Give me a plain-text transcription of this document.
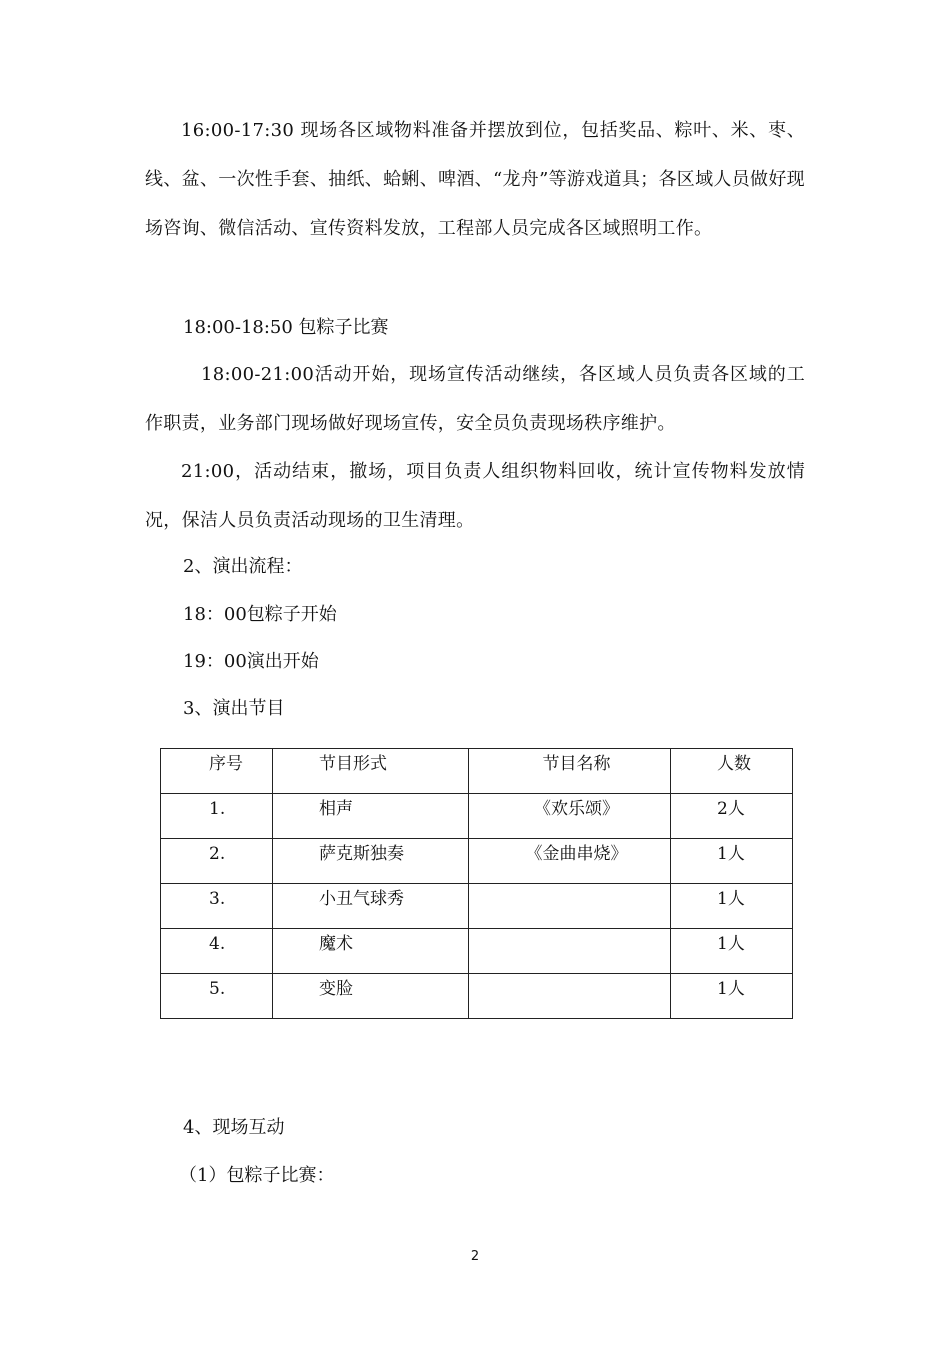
16:00-17:30 现场各区域物料准备并摆放到位，包括奖品、粽叶、米、枣、线、盆、一次性手套、抽纸、蛤蜊、啤酒、“龙舟”等游戏道具；各区域人员做好现场咨询、微信活动、宣传资料发放，工程部人员完成各区域照明工作。

18:00-18:50 包粽子比赛

18:00-21:00活动开始，现场宣传活动继续，各区域人员负责各区域的工作职责，业务部门现场做好现场宣传，安全员负责现场秩序维护。

21:00，活动结束，撤场，项目负责人组织物料回收，统计宣传物料发放情况，保洁人员负责活动现场的卫生清理。

2、演出流程：

18：00包粽子开始

19：00演出开始

3、演出节目

序号	节目形式	节目名称	人数

1.	相声	《欢乐颂》	2人

2.	萨克斯独奏	《金曲串烧》	1人

3.	小丑气球秀		1人

4.	魔术		1人

5.	变脸		1人

4、现场互动

（1）包粽子比赛：

2
